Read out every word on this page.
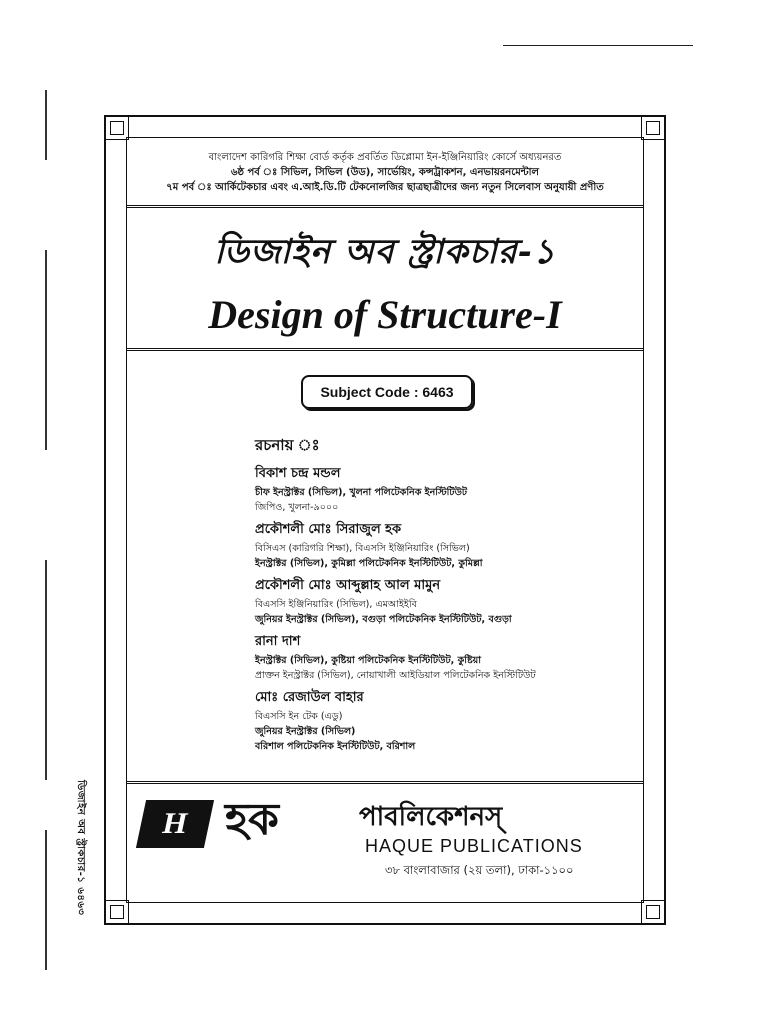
ডিজাইন অব স্ট্রাকচার-১ ৬৪৬৩
বাংলাদেশ কারিগরি শিক্ষা বোর্ড কর্তৃক প্রবর্তিত ডিপ্লোমা ইন-ইঞ্জিনিয়ারিং কোর্সে অধ্যয়নরত
৬ষ্ঠ পর্ব ঃ সিভিল, সিভিল (উড), সার্ভেয়িং, কন্সট্রাকশন, এনভায়রনমেন্টাল
৭ম পর্ব ঃ আর্কিটেকচার এবং এ.আই.ডি.টি টেকনোলজির ছাত্রছাত্রীদের জন্য নতুন সিলেবাস অনুযায়ী প্রণীত
ডিজাইন অব স্ট্রাকচার-১
Design of Structure-I
Subject Code : 6463
রচনায় ঃ
বিকাশ চন্দ্র মন্ডল
চীফ ইনস্ট্রাক্টর (সিভিল), খুলনা পলিটেকনিক ইনস্টিটিউট
জিপিও, খুলনা-৯০০০
প্রকৌশলী মোঃ সিরাজুল হক
বিসিএস (কারিগরি শিক্ষা), বিএসসি ইঞ্জিনিয়ারিং (সিভিল)
ইনস্ট্রাক্টর (সিভিল), কুমিল্লা পলিটেকনিক ইনস্টিটিউট, কুমিল্লা
প্রকৌশলী মোঃ আব্দুল্লাহ আল মামুন
বিএসসি ইঞ্জিনিয়ারিং (সিভিল), এমআইইবি
জুনিয়র ইনস্ট্রাক্টর (সিভিল), বগুড়া পলিটেকনিক ইনস্টিটিউট, বগুড়া
রানা দাশ
ইনস্ট্রাক্টর (সিভিল), কুষ্টিয়া পলিটেকনিক ইনস্টিটিউট, কুষ্টিয়া
প্রাক্তন ইনস্ট্রাক্টর (সিভিল), নোয়াখালী আইডিয়াল পলিটেকনিক ইনস্টিটিউট
মোঃ রেজাউল বাহার
বিএসসি ইন টেক (এডু)
জুনিয়র ইনস্ট্রাক্টর (সিভিল)
বরিশাল পলিটেকনিক ইনস্টিটিউট, বরিশাল
H হক	পাবলিকেশনস্
HAQUE PUBLICATIONS
৩৮ বাংলাবাজার (২য় তলা), ঢাকা-১১০০
